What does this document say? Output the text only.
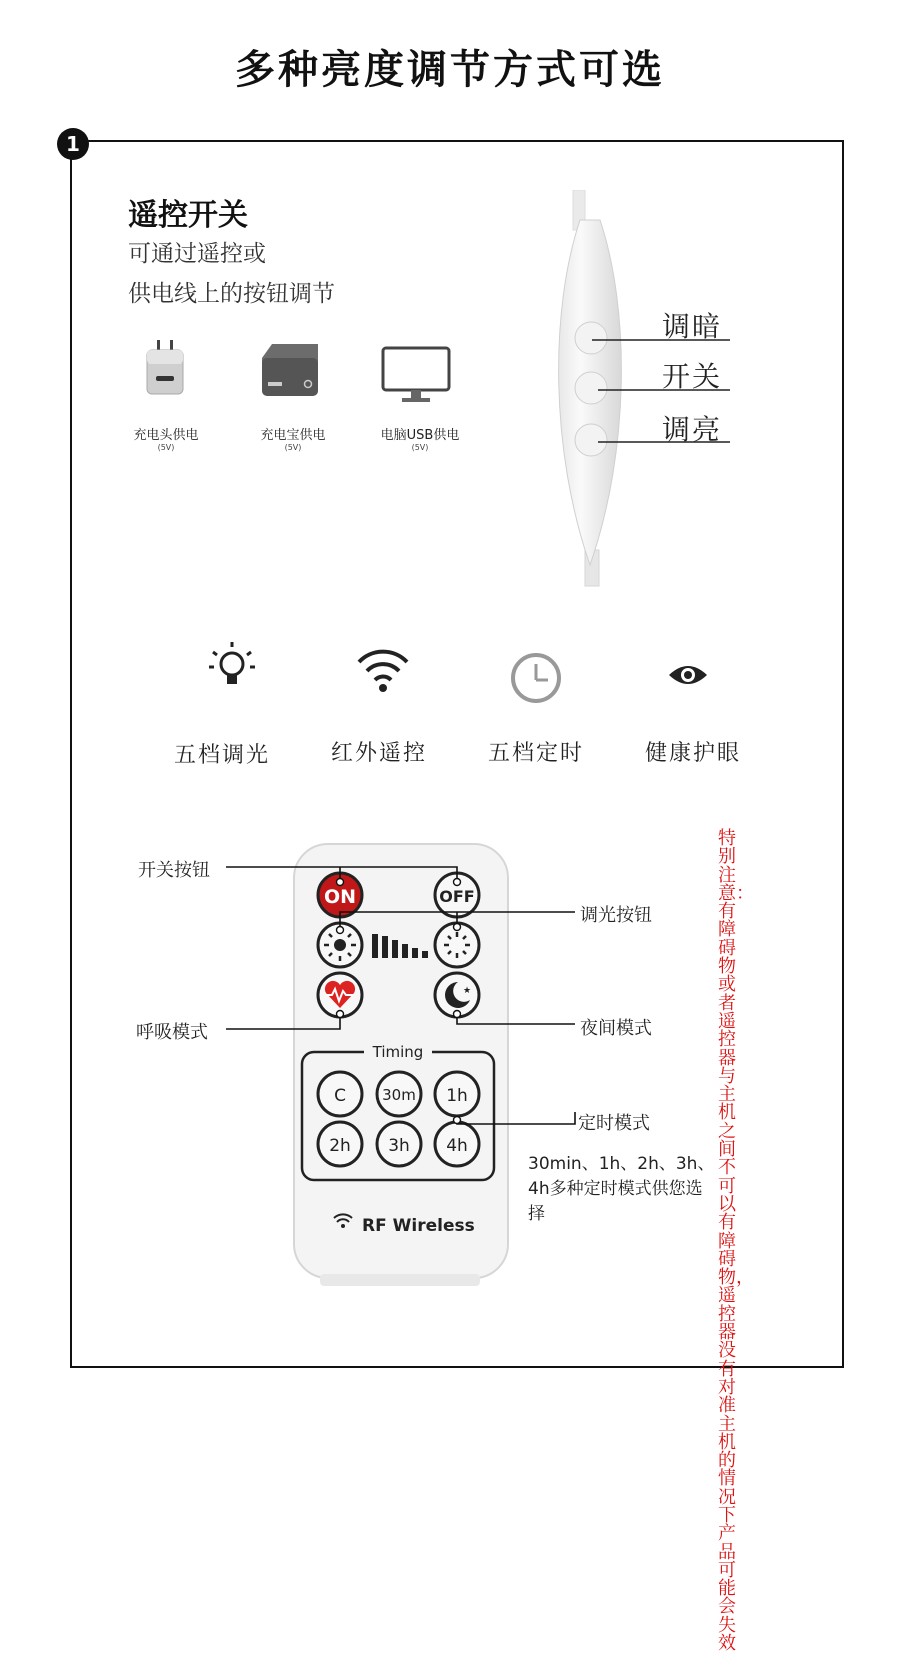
多种亮度调节方式可选
1
遥控开关
可通过遥控或
供电线上的按钮调节
充电头供电
(5V)
充电宝供电
(5V)
电脑USB供电
(5V)
调暗
开关
调亮
五档调光	红外遥控	五档定时	健康护眼
ON	OFF
★
Timing
C 30m 1h
2h 3h 4h
RF Wireless
开关按钮
调光按钮
呼吸模式	夜间模式
定时模式
30min、1h、2h、3h、4h多种定时模式供您选择
特别注意：有障碍物或者遥控器与主机之间不可以有障碍物，遥控器没有对准主机的情况下产品可能会失效
